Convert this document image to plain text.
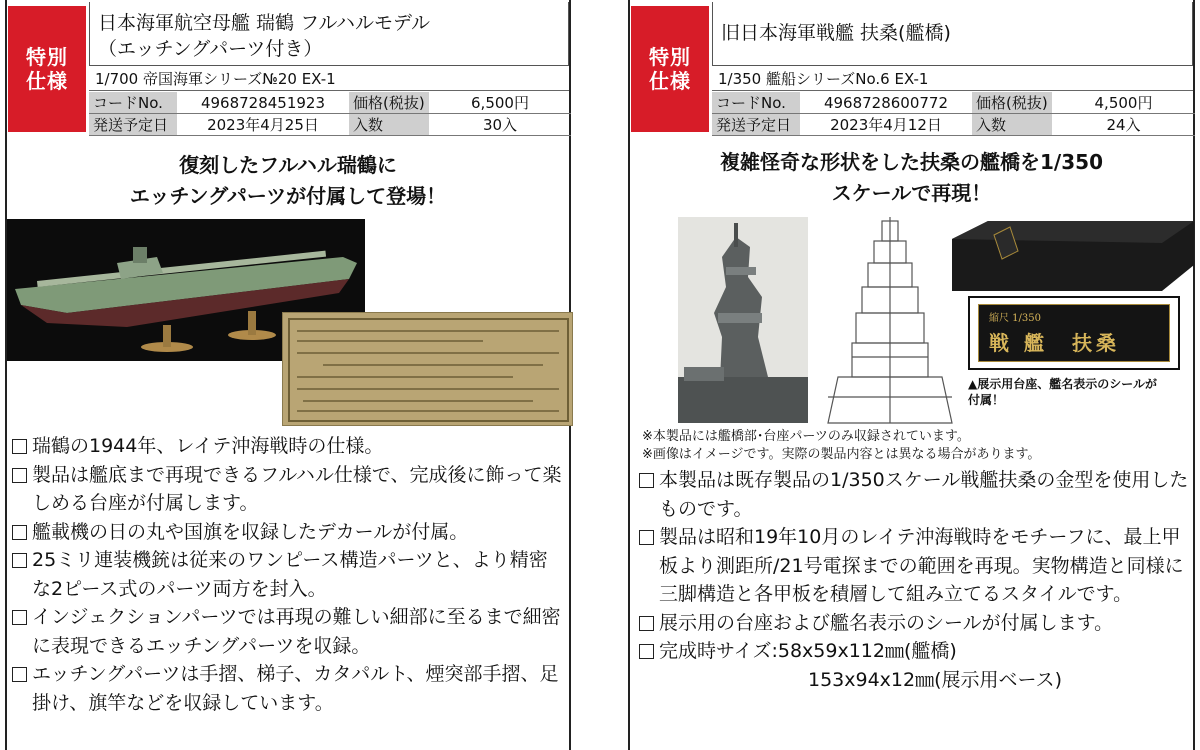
特別
仕様
日本海軍航空母艦 瑞鶴 フルハルモデル
（エッチングパーツ付き）
1/700 帝国海軍シリーズ№20 EX-1
コードNo.	4968728451923	価格(税抜)	6,500円
発送予定日	2023年4月25日	入数	30入
復刻したフルハル瑞鶴に
エッチングパーツが付属して登場！
瑞鶴の1944年、レイテ沖海戦時の仕様。
製品は艦底まで再現できるフルハル仕様で、完成後に飾って楽しめる台座が付属します。
艦載機の日の丸や国旗を収録したデカールが付属。
25ミリ連装機銃は従来のワンピース構造パーツと、より精密な2ピース式のパーツ両方を封入。
インジェクションパーツでは再現の難しい細部に至るまで細密に表現できるエッチングパーツを収録。
エッチングパーツは手摺、梯子、カタパルト、煙突部手摺、足掛け、旗竿などを収録しています。
特別
仕様
旧日本海軍戦艦 扶桑(艦橋)
1/350 艦船シリーズNo.6 EX-1
コードNo.	4968728600772	価格(税抜)	4,500円
発送予定日	2023年4月12日	入数	24入
複雑怪奇な形状をした扶桑の艦橋を1/350
スケールで再現！
縮尺 1/350
戦 艦　扶桑
▲展示用台座、艦名表示のシールが
付属！
※本製品には艦橋部･台座パーツのみ収録されています。
※画像はイメージです。実際の製品内容とは異なる場合があります。
本製品は既存製品の1/350スケール戦艦扶桑の金型を使用したものです。
製品は昭和19年10月のレイテ沖海戦時をモチーフに、最上甲板より測距所/21号電探までの範囲を再現。実物構造と同様に三脚構造と各甲板を積層して組み立てるスタイルです。
展示用の台座および艦名表示のシールが付属します。
完成時サイズ:58x59x112㎜(艦橋)
153x94x12㎜(展示用ベース)
